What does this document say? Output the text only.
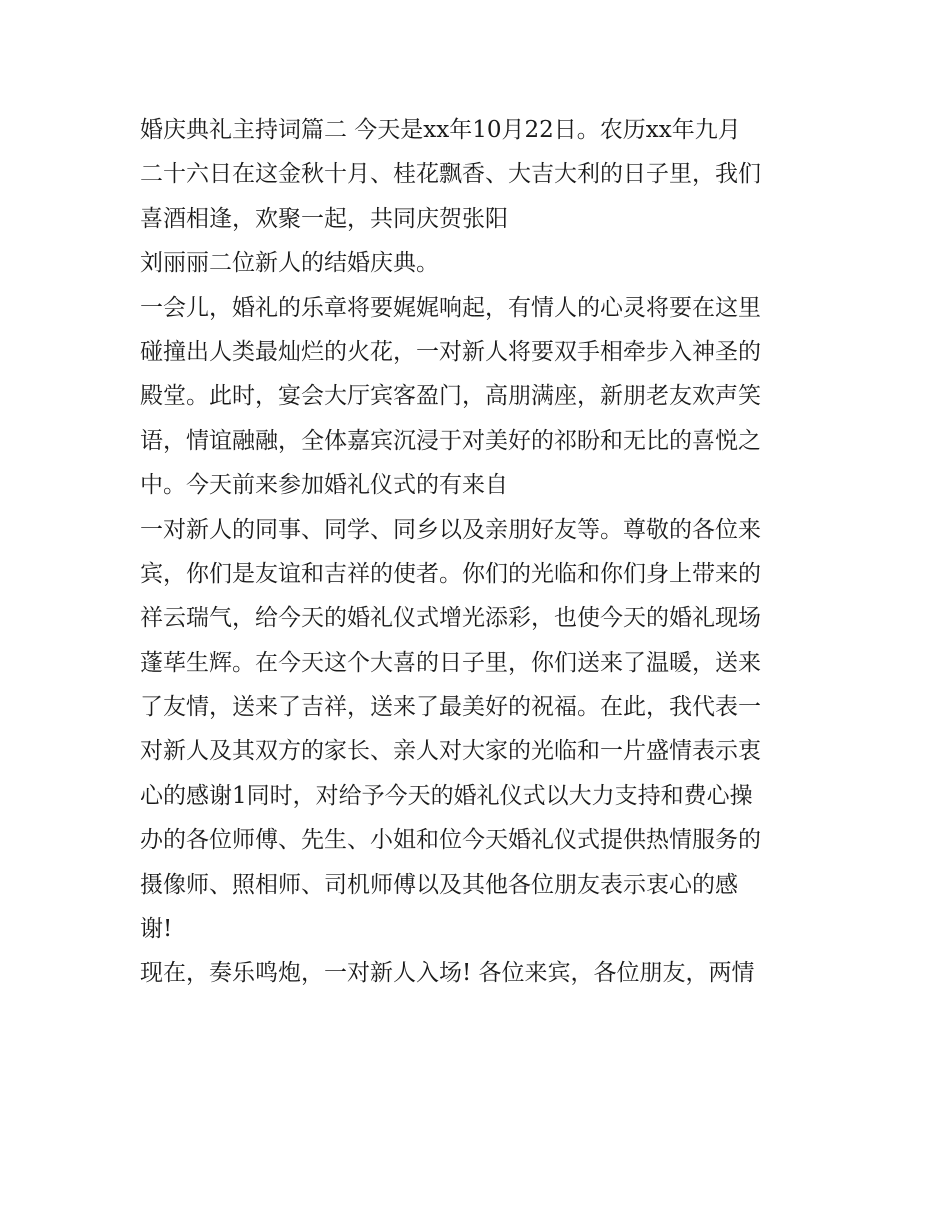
婚庆典礼主持词篇二 今天是xx年10月22日。农历xx年九月
二十六日在这金秋十月、桂花飘香、大吉大利的日子里，我们
喜酒相逢，欢聚一起，共同庆贺张阳
刘丽丽二位新人的结婚庆典。
一会儿，婚礼的乐章将要娓娓响起，有情人的心灵将要在这里
碰撞出人类最灿烂的火花，一对新人将要双手相牵步入神圣的
殿堂。此时，宴会大厅宾客盈门，高朋满座，新朋老友欢声笑
语，情谊融融，全体嘉宾沉浸于对美好的祁盼和无比的喜悦之
中。今天前来参加婚礼仪式的有来自
一对新人的同事、同学、同乡以及亲朋好友等。尊敬的各位来
宾，你们是友谊和吉祥的使者。你们的光临和你们身上带来的
祥云瑞气，给今天的婚礼仪式增光添彩，也使今天的婚礼现场
蓬荜生辉。在今天这个大喜的日子里，你们送来了温暖，送来
了友情，送来了吉祥，送来了最美好的祝福。在此，我代表一
对新人及其双方的家长、亲人对大家的光临和一片盛情表示衷
心的感谢1同时，对给予今天的婚礼仪式以大力支持和费心操
办的各位师傅、先生、小姐和位今天婚礼仪式提供热情服务的
摄像师、照相师、司机师傅以及其他各位朋友表示衷心的感
谢!
现在，奏乐鸣炮，一对新人入场! 各位来宾，各位朋友，两情
